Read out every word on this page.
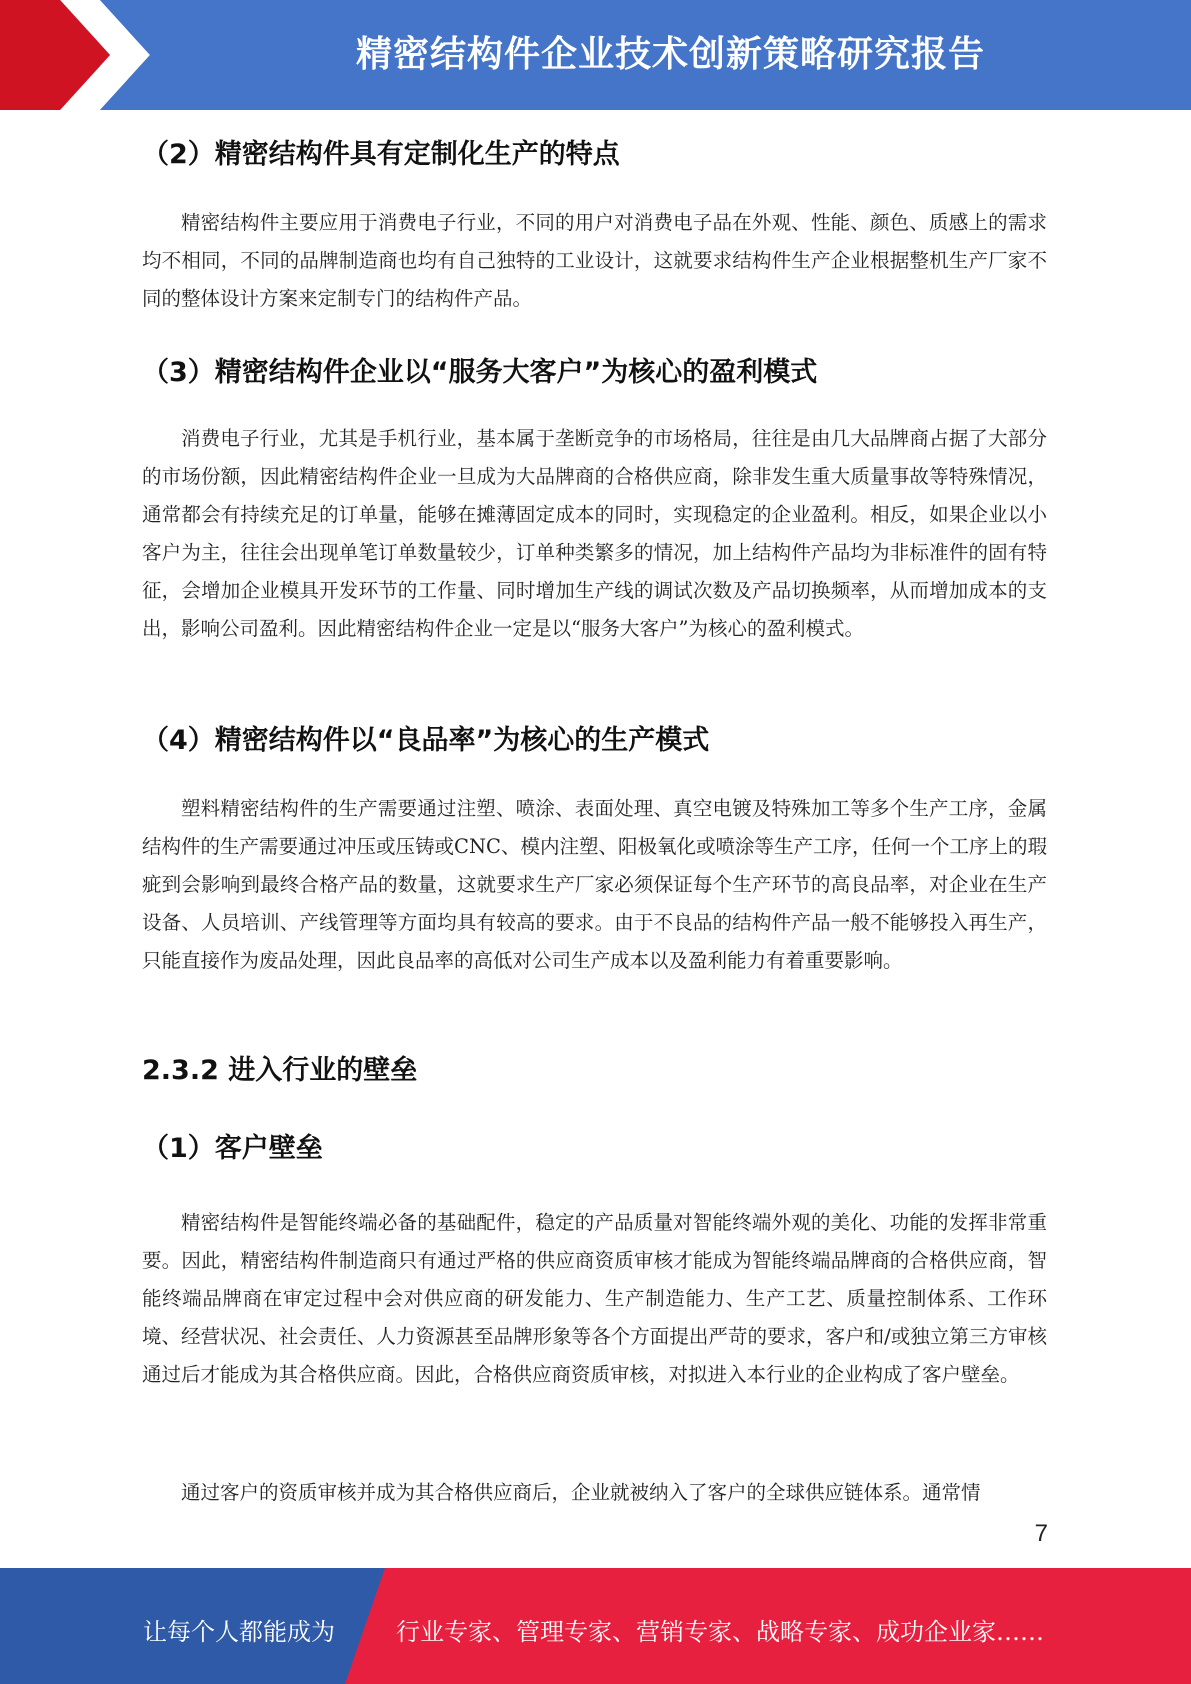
精密结构件企业技术创新策略研究报告
（2）精密结构件具有定制化生产的特点

精密结构件主要应用于消费电子行业，不同的用户对消费电子品在外观、性能、颜色、质感上的需求均不相同，不同的品牌制造商也均有自己独特的工业设计，这就要求结构件生产企业根据整机生产厂家不同的整体设计方案来定制专门的结构件产品。

（3）精密结构件企业以“服务大客户”为核心的盈利模式

消费电子行业，尤其是手机行业，基本属于垄断竞争的市场格局，往往是由几大品牌商占据了大部分的市场份额，因此精密结构件企业一旦成为大品牌商的合格供应商，除非发生重大质量事故等特殊情况，通常都会有持续充足的订单量，能够在摊薄固定成本的同时，实现稳定的企业盈利。相反，如果企业以小客户为主，往往会出现单笔订单数量较少，订单种类繁多的情况，加上结构件产品均为非标准件的固有特征，会增加企业模具开发环节的工作量、同时增加生产线的调试次数及产品切换频率，从而增加成本的支出，影响公司盈利。因此精密结构件企业一定是以“服务大客户”为核心的盈利模式。

（4）精密结构件以“良品率”为核心的生产模式

塑料精密结构件的生产需要通过注塑、喷涂、表面处理、真空电镀及特殊加工等多个生产工序，金属结构件的生产需要通过冲压或压铸或CNC、模内注塑、阳极氧化或喷涂等生产工序，任何一个工序上的瑕疵到会影响到最终合格产品的数量，这就要求生产厂家必须保证每个生产环节的高良品率，对企业在生产设备、人员培训、产线管理等方面均具有较高的要求。由于不良品的结构件产品一般不能够投入再生产，只能直接作为废品处理，因此良品率的高低对公司生产成本以及盈利能力有着重要影响。

2.3.2 进入行业的壁垒
（1）客户壁垒

精密结构件是智能终端必备的基础配件，稳定的产品质量对智能终端外观的美化、功能的发挥非常重要。因此，精密结构件制造商只有通过严格的供应商资质审核才能成为智能终端品牌商的合格供应商，智能终端品牌商在审定过程中会对供应商的研发能力、生产制造能力、生产工艺、质量控制体系、工作环境、经营状况、社会责任、人力资源甚至品牌形象等各个方面提出严苛的要求，客户和/或独立第三方审核通过后才能成为其合格供应商。因此，合格供应商资质审核，对拟进入本行业的企业构成了客户壁垒。

通过客户的资质审核并成为其合格供应商后，企业就被纳入了客户的全球供应链体系。通常情

7
让每个人都能成为	行业专家、管理专家、营销专家、战略专家、成功企业家……
